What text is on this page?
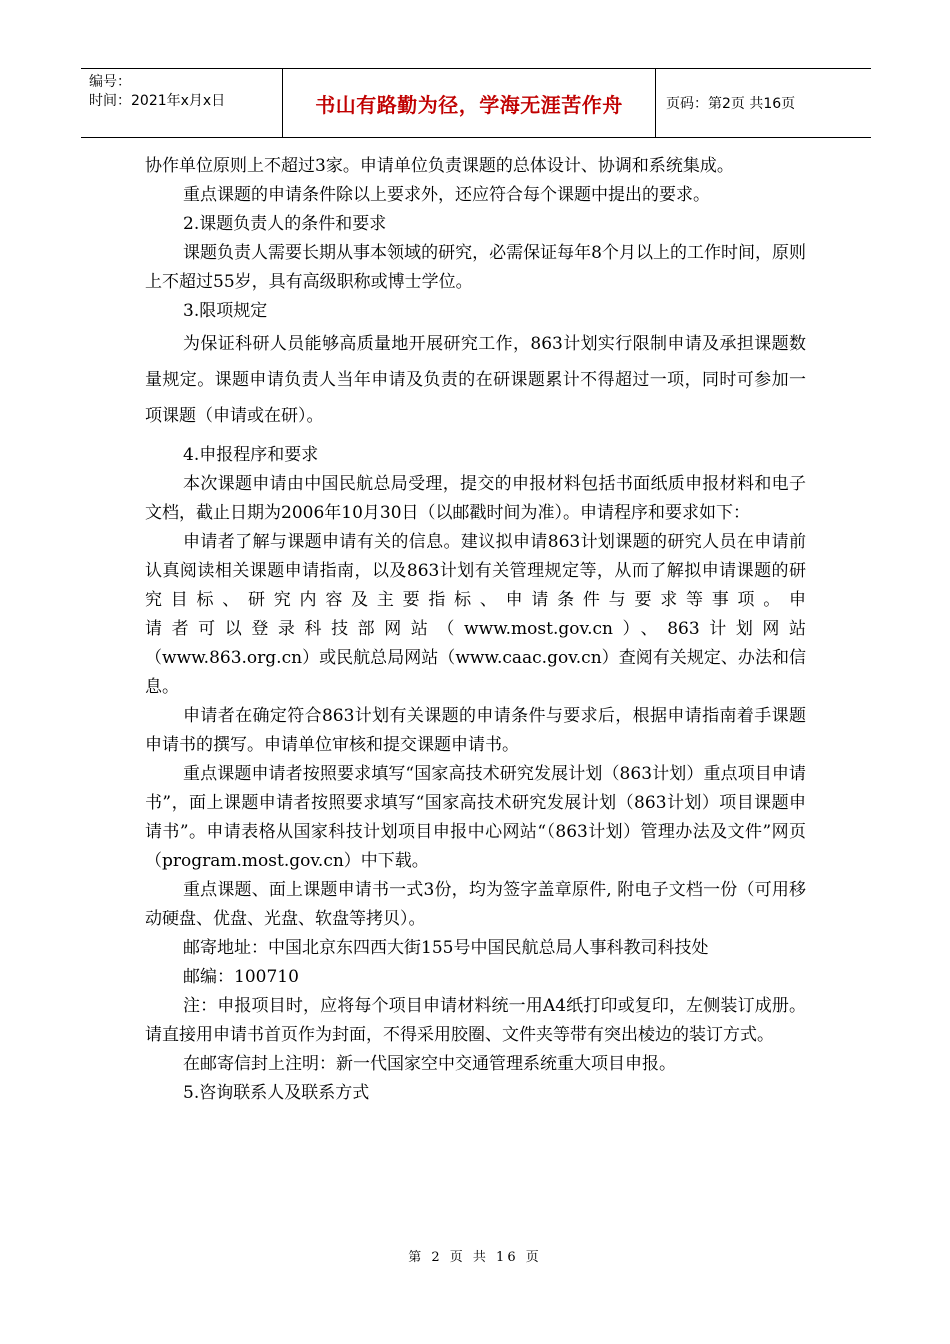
编号：
时间：2021年x月x日	书山有路勤为径，学海无涯苦作舟	页码：第2页 共16页

协作单位原则上不超过3家。申请单位负责课题的总体设计、协调和系统集成。

重点课题的申请条件除以上要求外，还应符合每个课题中提出的要求。

2.课题负责人的条件和要求

课题负责人需要长期从事本领域的研究，必需保证每年8个月以上的工作时间，原则上不超过55岁，具有高级职称或博士学位。

3.限项规定

为保证科研人员能够高质量地开展研究工作，863计划实行限制申请及承担课题数量规定。课题申请负责人当年申请及负责的在研课题累计不得超过一项，同时可参加一项课题（申请或在研）。

4.申报程序和要求

本次课题申请由中国民航总局受理，提交的申报材料包括书面纸质申报材料和电子文档，截止日期为2006年10月30日（以邮戳时间为准）。申请程序和要求如下：

申请者了解与课题申请有关的信息。建议拟申请863计划课题的研究人员在申请前认真阅读相关课题申请指南，以及863计划有关管理规定等，从而了解拟申请课题的研究目标、研究内容及主要指标、申请条件与要求等事项。申

请者可以登录科技部网站（www.most.gov.cn）、863计划网站

（www.863.org.cn）或民航总局网站（www.caac.gov.cn）查阅有关规定、办法和信息。

申请者在确定符合863计划有关课题的申请条件与要求后，根据申请指南着手课题申请书的撰写。申请单位审核和提交课题申请书。

重点课题申请者按照要求填写“国家高技术研究发展计划（863计划）重点项目申请书”，面上课题申请者按照要求填写“国家高技术研究发展计划（863计划）项目课题申请书”。申请表格从国家科技计划项目申报中心网站“（863计划）管理办法及文件”网页（program.most.gov.cn）中下载。

重点课题、面上课题申请书一式3份，均为签字盖章原件, 附电子文档一份（可用移动硬盘、优盘、光盘、软盘等拷贝）。

邮寄地址：中国北京东四西大街155号中国民航总局人事科教司科技处

邮编：100710

注：申报项目时，应将每个项目申请材料统一用A4纸打印或复印，左侧装订成册。请直接用申请书首页作为封面，不得采用胶圈、文件夹等带有突出棱边的装订方式。

在邮寄信封上注明：新一代国家空中交通管理系统重大项目申报。

5.咨询联系人及联系方式

第 2 页 共 16 页
